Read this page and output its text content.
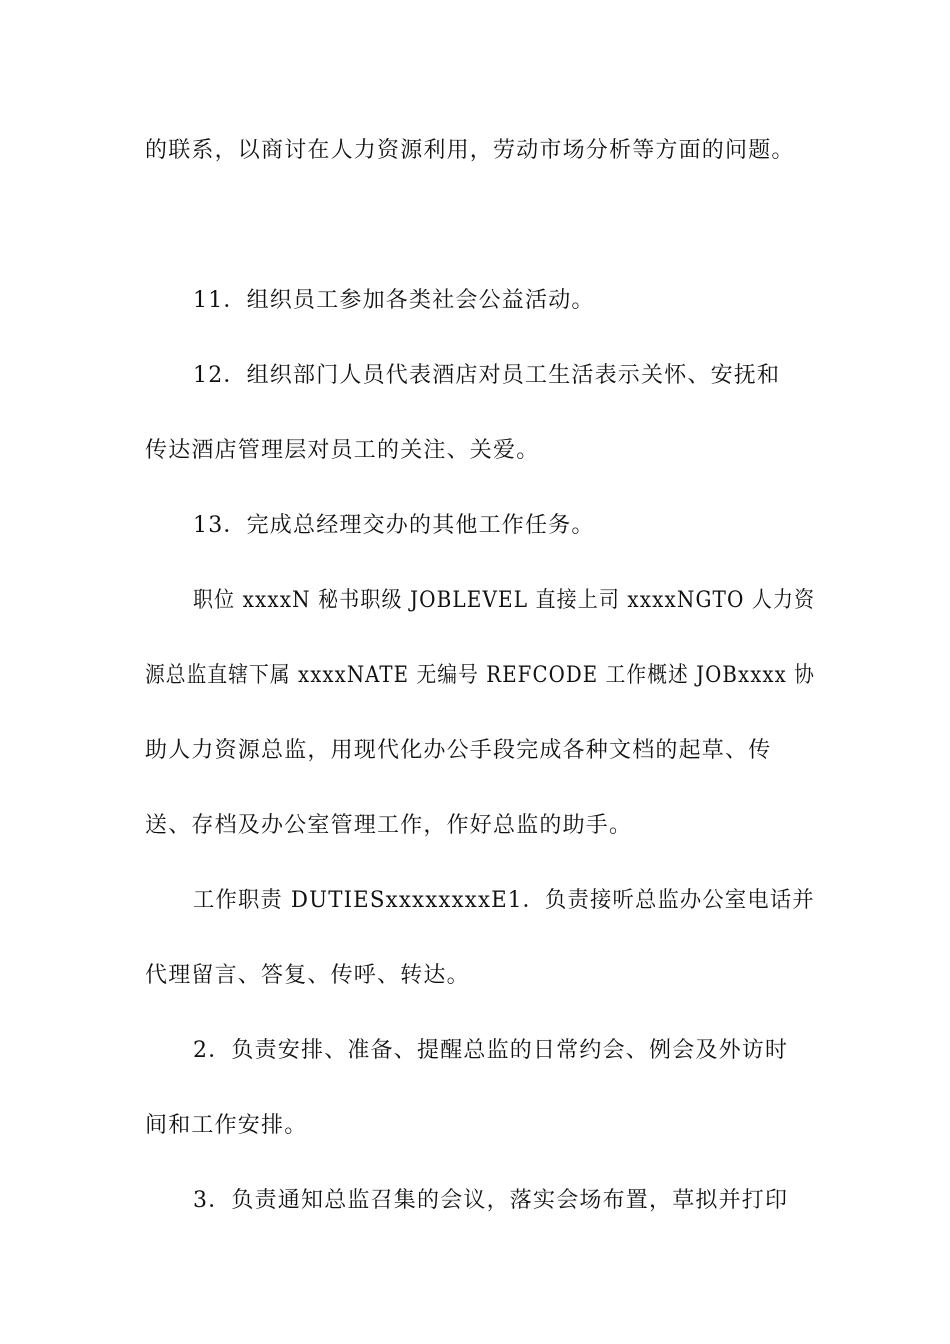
的联系，以商讨在人力资源利用，劳动市场分析等方面的问题。
11．组织员工参加各类社会公益活动。
12．组织部门人员代表酒店对员工生活表示关怀、安抚和
传达酒店管理层对员工的关注、关爱。
13．完成总经理交办的其他工作任务。
职位 xxxxN 秘书职级 JOBLEVEL 直接上司 xxxxNGTO 人力资
源总监直辖下属 xxxxNATE 无编号 REFCODE 工作概述 JOBxxxx 协
助人力资源总监，用现代化办公手段完成各种文档的起草、传
送、存档及办公室管理工作，作好总监的助手。
工作职责 DUTIESxxxxxxxxE1．负责接听总监办公室电话并
代理留言、答复、传呼、转达。
2．负责安排、准备、提醒总监的日常约会、例会及外访时
间和工作安排。
3．负责通知总监召集的会议，落实会场布置，草拟并打印
